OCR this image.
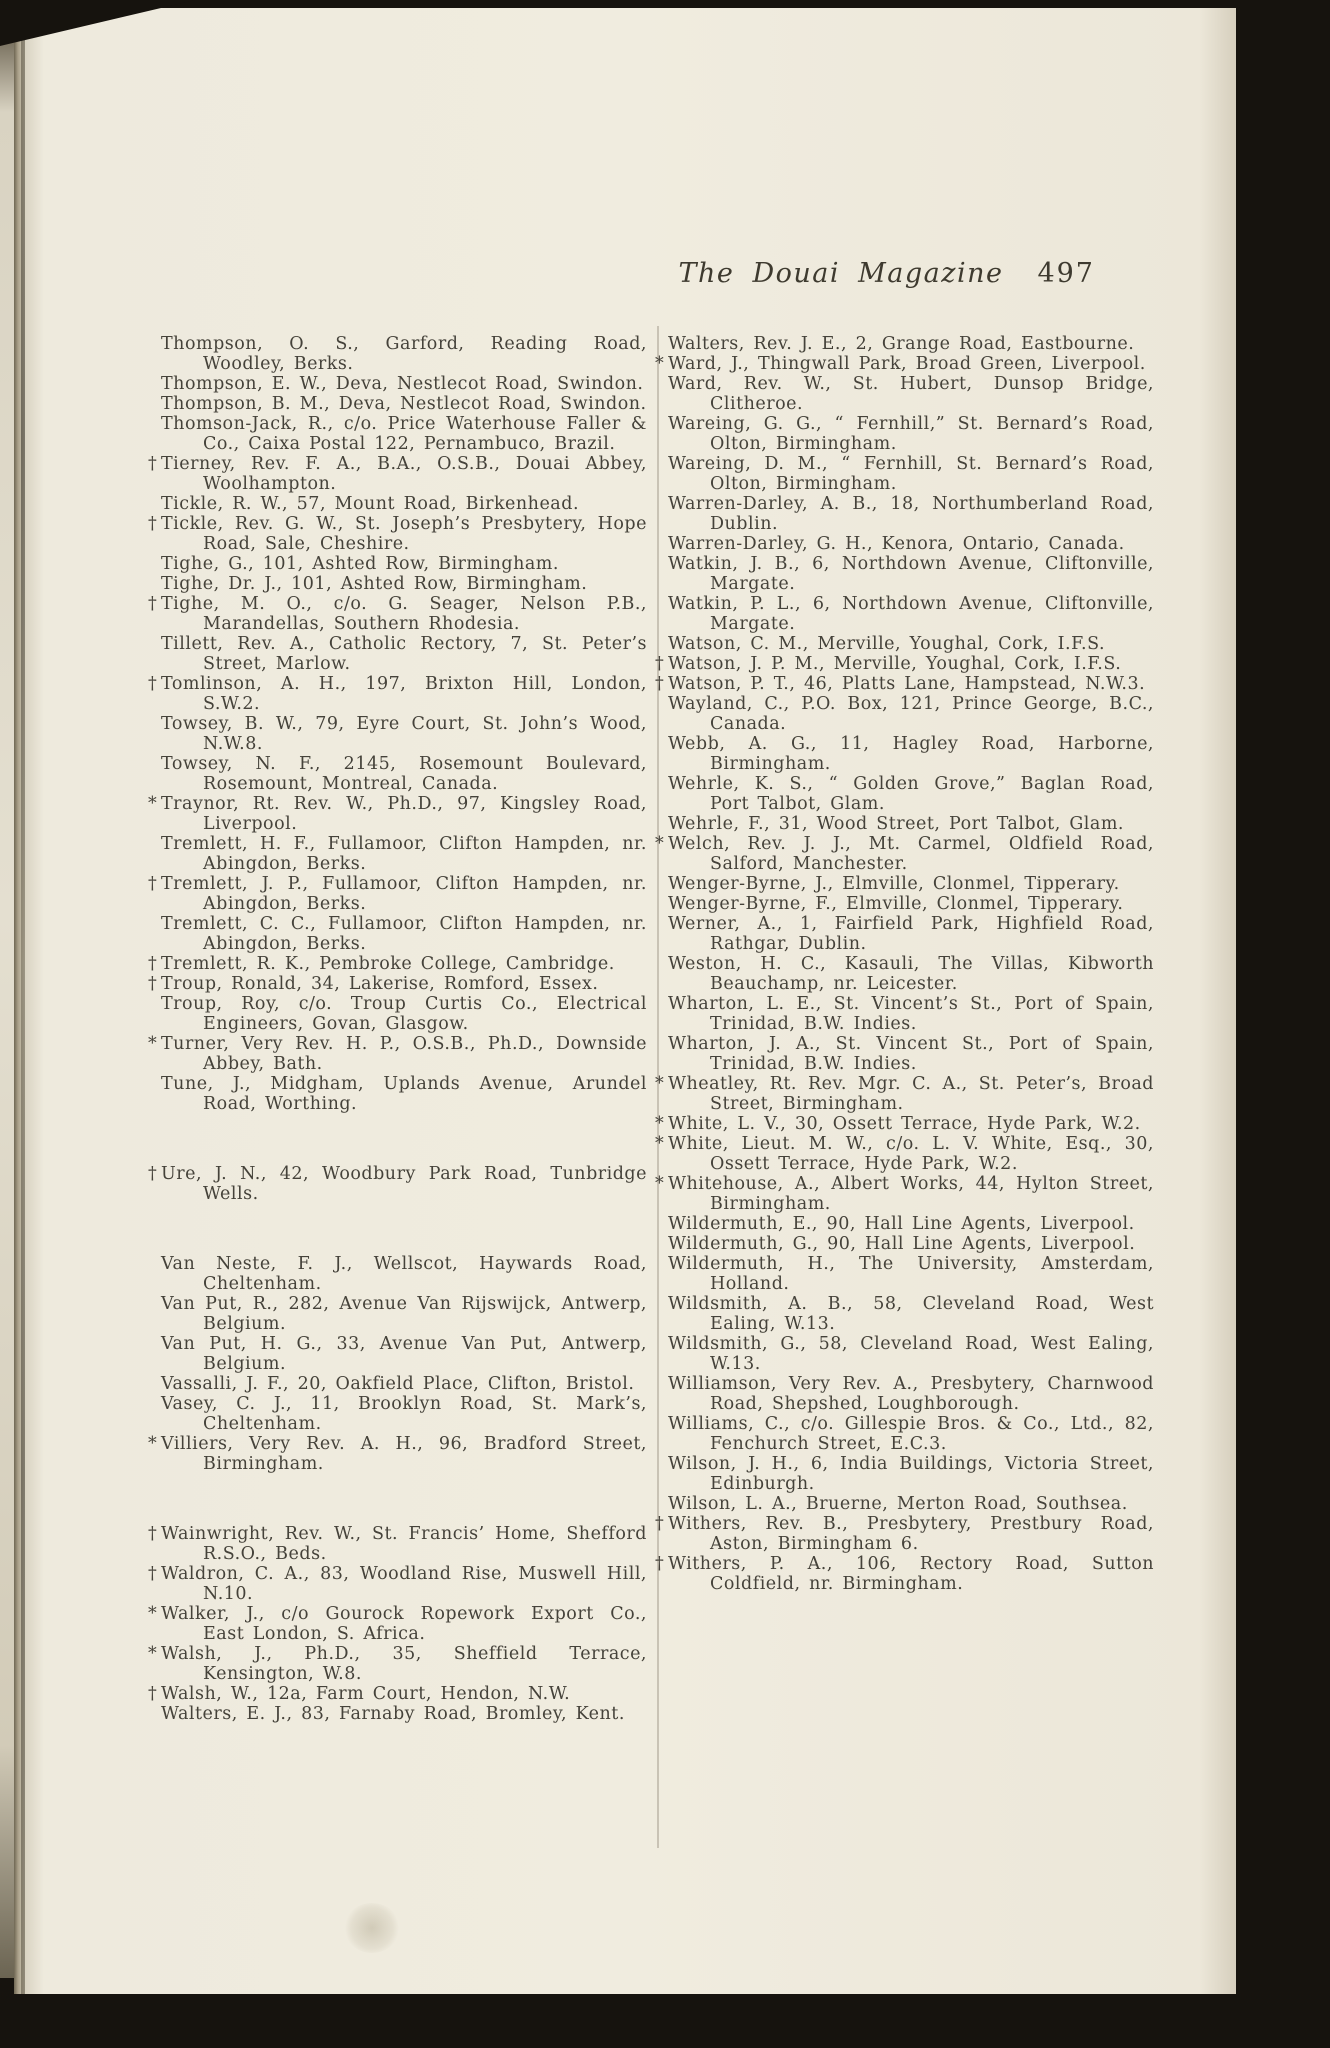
The Douai Magazine 497
Thompson, O. S., Garford, Reading Road, Woodley, Berks.
Thompson, E. W., Deva, Nestlecot Road, Swindon.
Thompson, B. M., Deva, Nestlecot Road, Swindon.
Thomson-Jack, R., c/o. Price Waterhouse Faller & Co., Caixa Postal 122, Pernambuco, Brazil.
† Tierney, Rev. F. A., B.A., O.S.B., Douai Abbey, Woolhampton.
Tickle, R. W., 57, Mount Road, Birkenhead.
† Tickle, Rev. G. W., St. Joseph’s Presbytery, Hope Road, Sale, Cheshire.
Tighe, G., 101, Ashted Row, Birmingham.
Tighe, Dr. J., 101, Ashted Row, Birmingham.
† Tighe, M. O., c/o. G. Seager, Nelson P.B., Marandellas, Southern Rhodesia.
Tillett, Rev. A., Catholic Rectory, 7, St. Peter’s Street, Marlow.
† Tomlinson, A. H., 197, Brixton Hill, London, S.W.2.
Towsey, B. W., 79, Eyre Court, St. John’s Wood, N.W.8.
Towsey, N. F., 2145, Rosemount Boulevard, Rosemount, Montreal, Canada.
* Traynor, Rt. Rev. W., Ph.D., 97, Kingsley Road, Liverpool.
Tremlett, H. F., Fullamoor, Clifton Hampden, nr. Abingdon, Berks.
† Tremlett, J. P., Fullamoor, Clifton Hampden, nr. Abingdon, Berks.
Tremlett, C. C., Fullamoor, Clifton Hampden, nr. Abingdon, Berks.
† Tremlett, R. K., Pembroke College, Cambridge.
† Troup, Ronald, 34, Lakerise, Romford, Essex.
Troup, Roy, c/o. Troup Curtis Co., Electrical Engineers, Govan, Glasgow.
* Turner, Very Rev. H. P., O.S.B., Ph.D., Downside Abbey, Bath.
Tune, J., Midgham, Uplands Avenue, Arundel Road, Worthing.
† Ure, J. N., 42, Woodbury Park Road, Tunbridge Wells.
Van Neste, F. J., Wellscot, Haywards Road, Cheltenham.
Van Put, R., 282, Avenue Van Rijswijck, Antwerp, Belgium.
Van Put, H. G., 33, Avenue Van Put, Antwerp, Belgium.
Vassalli, J. F., 20, Oakfield Place, Clifton, Bristol.
Vasey, C. J., 11, Brooklyn Road, St. Mark’s, Cheltenham.
* Villiers, Very Rev. A. H., 96, Bradford Street, Birmingham.
† Wainwright, Rev. W., St. Francis’ Home, Shefford R.S.O., Beds.
† Waldron, C. A., 83, Woodland Rise, Muswell Hill, N.10.
* Walker, J., c/o Gourock Ropework Export Co., East London, S. Africa.
* Walsh, J., Ph.D., 35, Sheffield Terrace, Kensington, W.8.
† Walsh, W., 12a, Farm Court, Hendon, N.W.
Walters, E. J., 83, Farnaby Road, Bromley, Kent.
Walters, Rev. J. E., 2, Grange Road, Eastbourne.
* Ward, J., Thingwall Park, Broad Green, Liverpool.
Ward, Rev. W., St. Hubert, Dunsop Bridge, Clitheroe.
Wareing, G. G., “ Fernhill,” St. Bernard’s Road, Olton, Birmingham.
Wareing, D. M., “ Fernhill, St. Bernard’s Road, Olton, Birmingham.
Warren-Darley, A. B., 18, Northumberland Road, Dublin.
Warren-Darley, G. H., Kenora, Ontario, Canada.
Watkin, J. B., 6, Northdown Avenue, Cliftonville, Margate.
Watkin, P. L., 6, Northdown Avenue, Cliftonville, Margate.
Watson, C. M., Merville, Youghal, Cork, I.F.S.
† Watson, J. P. M., Merville, Youghal, Cork, I.F.S.
† Watson, P. T., 46, Platts Lane, Hampstead, N.W.3.
Wayland, C., P.O. Box, 121, Prince George, B.C., Canada.
Webb, A. G., 11, Hagley Road, Harborne, Birmingham.
Wehrle, K. S., “ Golden Grove,” Baglan Road, Port Talbot, Glam.
Wehrle, F., 31, Wood Street, Port Talbot, Glam.
* Welch, Rev. J. J., Mt. Carmel, Oldfield Road, Salford, Manchester.
Wenger-Byrne, J., Elmville, Clonmel, Tipperary.
Wenger-Byrne, F., Elmville, Clonmel, Tipperary.
Werner, A., 1, Fairfield Park, Highfield Road, Rathgar, Dublin.
Weston, H. C., Kasauli, The Villas, Kibworth Beauchamp, nr. Leicester.
Wharton, L. E., St. Vincent’s St., Port of Spain, Trinidad, B.W. Indies.
Wharton, J. A., St. Vincent St., Port of Spain, Trinidad, B.W. Indies.
* Wheatley, Rt. Rev. Mgr. C. A., St. Peter’s, Broad Street, Birmingham.
* White, L. V., 30, Ossett Terrace, Hyde Park, W.2.
* White, Lieut. M. W., c/o. L. V. White, Esq., 30, Ossett Terrace, Hyde Park, W.2.
* Whitehouse, A., Albert Works, 44, Hylton Street, Birmingham.
Wildermuth, E., 90, Hall Line Agents, Liverpool.
Wildermuth, G., 90, Hall Line Agents, Liverpool.
Wildermuth, H., The University, Amsterdam, Holland.
Wildsmith, A. B., 58, Cleveland Road, West Ealing, W.13.
Wildsmith, G., 58, Cleveland Road, West Ealing, W.13.
Williamson, Very Rev. A., Presbytery, Charnwood Road, Shepshed, Loughborough.
Williams, C., c/o. Gillespie Bros. & Co., Ltd., 82, Fenchurch Street, E.C.3.
Wilson, J. H., 6, India Buildings, Victoria Street, Edinburgh.
Wilson, L. A., Bruerne, Merton Road, Southsea.
† Withers, Rev. B., Presbytery, Prestbury Road, Aston, Birmingham 6.
† Withers, P. A., 106, Rectory Road, Sutton Coldfield, nr. Birmingham.
